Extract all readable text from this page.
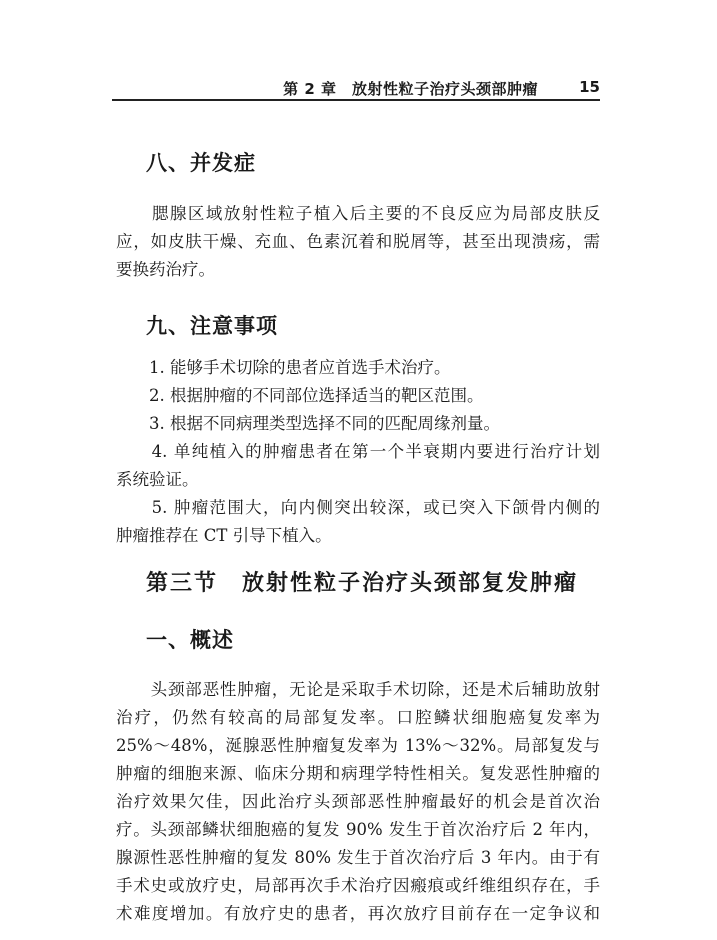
第 2 章　放射性粒子治疗头颈部肿瘤	15
八、并发症
　　腮腺区域放射性粒子植入后主要的不良反应为局部皮肤反
应，如皮肤干燥、充血、色素沉着和脱屑等，甚至出现溃疡，需
要换药治疗。
九、注意事项
　　1. 能够手术切除的患者应首选手术治疗。
　　2. 根据肿瘤的不同部位选择适当的靶区范围。
　　3. 根据不同病理类型选择不同的匹配周缘剂量。
　　4. 单纯植入的肿瘤患者在第一个半衰期内要进行治疗计划
系统验证。
　　5. 肿瘤范围大，向内侧突出较深，或已突入下颌骨内侧的
肿瘤推荐在 CT 引导下植入。
第三节　放射性粒子治疗头颈部复发肿瘤
一、概述
　　头颈部恶性肿瘤，无论是采取手术切除，还是术后辅助放射
治疗，仍然有较高的局部复发率。口腔鳞状细胞癌复发率为
25%～48%，涎腺恶性肿瘤复发率为 13%～32%。局部复发与
肿瘤的细胞来源、临床分期和病理学特性相关。复发恶性肿瘤的
治疗效果欠佳，因此治疗头颈部恶性肿瘤最好的机会是首次治
疗。头颈部鳞状细胞癌的复发 90% 发生于首次治疗后 2 年内，
腺源性恶性肿瘤的复发 80% 发生于首次治疗后 3 年内。由于有
手术史或放疗史，局部再次手术治疗因瘢痕或纤维组织存在，手
术难度增加。有放疗史的患者，再次放疗目前存在一定争议和
